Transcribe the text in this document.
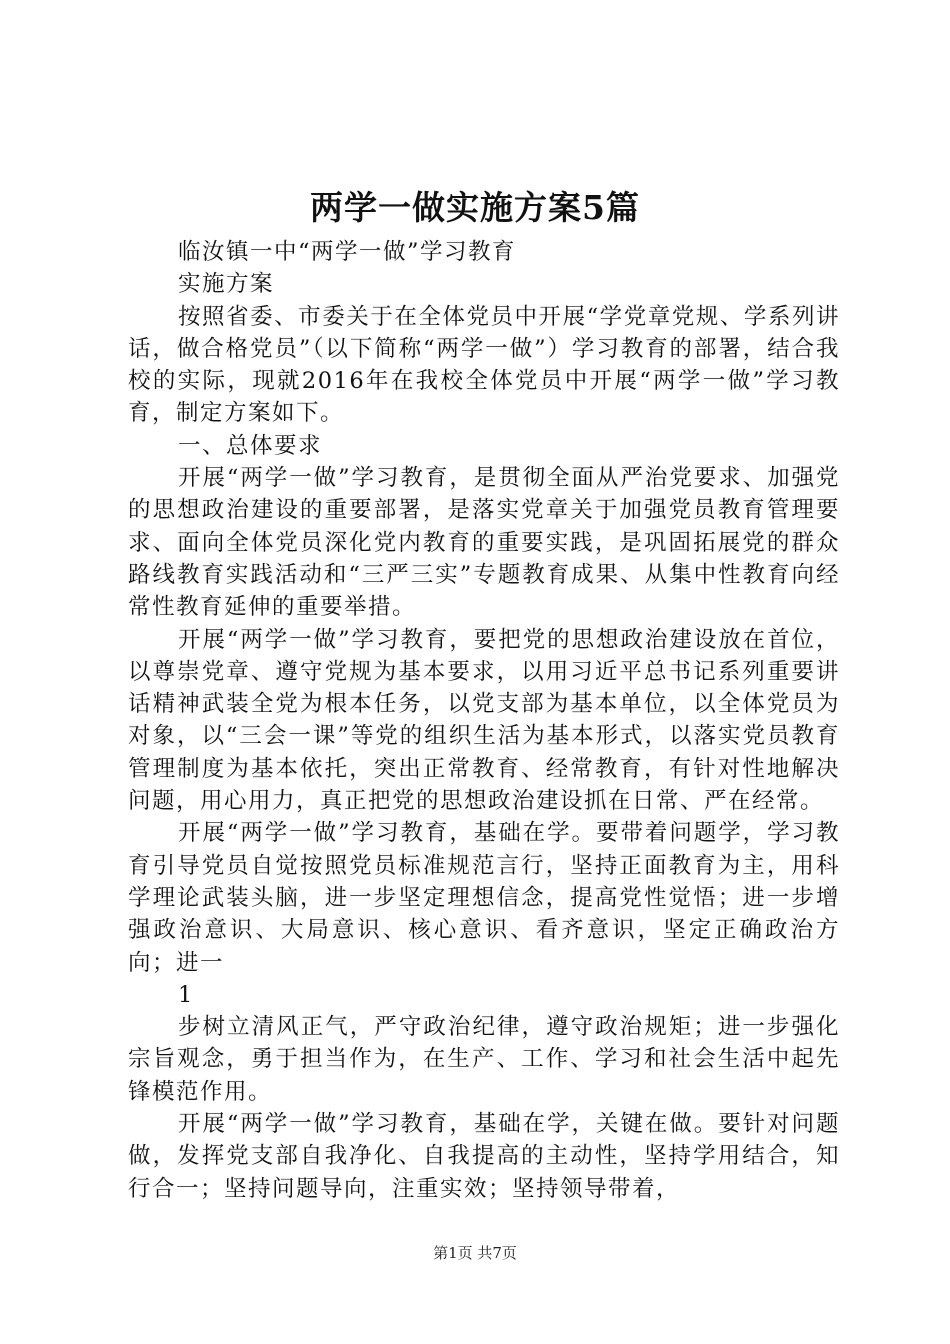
两学一做实施方案5篇

临汝镇一中“两学一做”学习教育

实施方案

按照省委、市委关于在全体党员中开展“学党章党规、学系列讲话，做合格党员”（以下简称“两学一做”）学习教育的部署，结合我校的实际，现就2016年在我校全体党员中开展“两学一做”学习教育，制定方案如下。

一、总体要求

开展“两学一做”学习教育，是贯彻全面从严治党要求、加强党的思想政治建设的重要部署，是落实党章关于加强党员教育管理要求、面向全体党员深化党内教育的重要实践，是巩固拓展党的群众路线教育实践活动和“三严三实”专题教育成果、从集中性教育向经常性教育延伸的重要举措。

开展“两学一做”学习教育，要把党的思想政治建设放在首位，以尊崇党章、遵守党规为基本要求，以用习近平总书记系列重要讲话精神武装全党为根本任务，以党支部为基本单位，以全体党员为对象，以“三会一课”等党的组织生活为基本形式，以落实党员教育管理制度为基本依托，突出正常教育、经常教育，有针对性地解决问题，用心用力，真正把党的思想政治建设抓在日常、严在经常。

开展“两学一做”学习教育，基础在学。要带着问题学，学习教育引导党员自觉按照党员标准规范言行，坚持正面教育为主，用科学理论武装头脑，进一步坚定理想信念，提高党性觉悟；进一步增强政治意识、大局意识、核心意识、看齐意识，坚定正确政治方向；进一

1

步树立清风正气，严守政治纪律，遵守政治规矩；进一步强化宗旨观念，勇于担当作为，在生产、工作、学习和社会生活中起先锋模范作用。

开展“两学一做”学习教育，基础在学，关键在做。要针对问题做，发挥党支部自我净化、自我提高的主动性，坚持学用结合，知行合一；坚持问题导向，注重实效；坚持领导带着，

第1页 共7页
